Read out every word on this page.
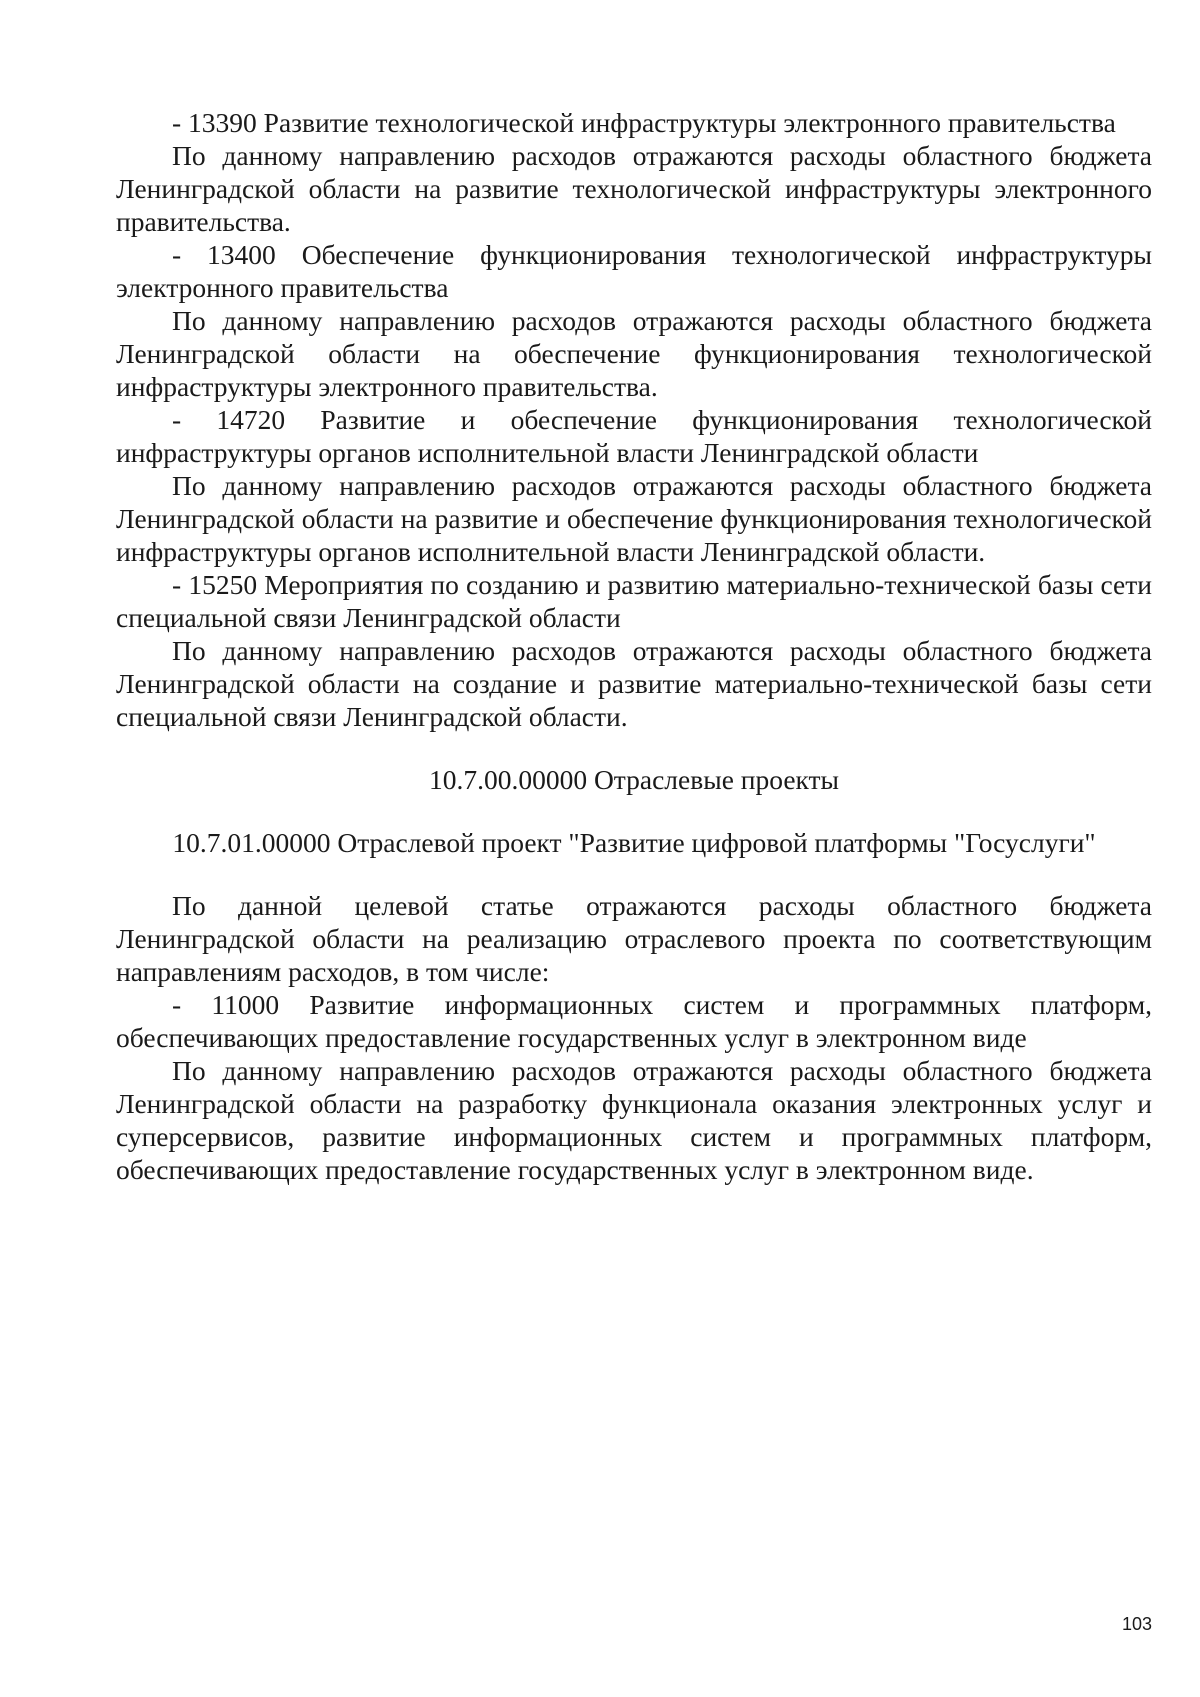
- 13390 Развитие технологической инфраструктуры электронного правительства

По данному направлению расходов отражаются расходы областного бюджета Ленинградской области на развитие технологической инфраструктуры электронного правительства.

- 13400 Обеспечение функционирования технологической инфраструктуры электронного правительства

По данному направлению расходов отражаются расходы областного бюджета Ленинградской области на обеспечение функционирования технологической инфраструктуры электронного правительства.

- 14720 Развитие и обеспечение функционирования технологической инфраструктуры органов исполнительной власти Ленинградской области

По данному направлению расходов отражаются расходы областного бюджета Ленинградской области на развитие и обеспечение функционирования технологической инфраструктуры органов исполнительной власти Ленинградской области.

- 15250 Мероприятия по созданию и развитию материально-технической базы сети специальной связи Ленинградской области

По данному направлению расходов отражаются расходы областного бюджета Ленинградской области на создание и развитие материально-технической базы сети специальной связи Ленинградской области.

10.7.00.00000 Отраслевые проекты

10.7.01.00000 Отраслевой проект "Развитие цифровой платформы "Госуслуги"

По данной целевой статье отражаются расходы областного бюджета Ленинградской области на реализацию отраслевого проекта по соответствующим направлениям расходов, в том числе:

- 11000 Развитие информационных систем и программных платформ, обеспечивающих предоставление государственных услуг в электронном виде

По данному направлению расходов отражаются расходы областного бюджета Ленинградской области на разработку функционала оказания электронных услуг и суперсервисов, развитие информационных систем и программных платформ, обеспечивающих предоставление государственных услуг в электронном виде.

103
